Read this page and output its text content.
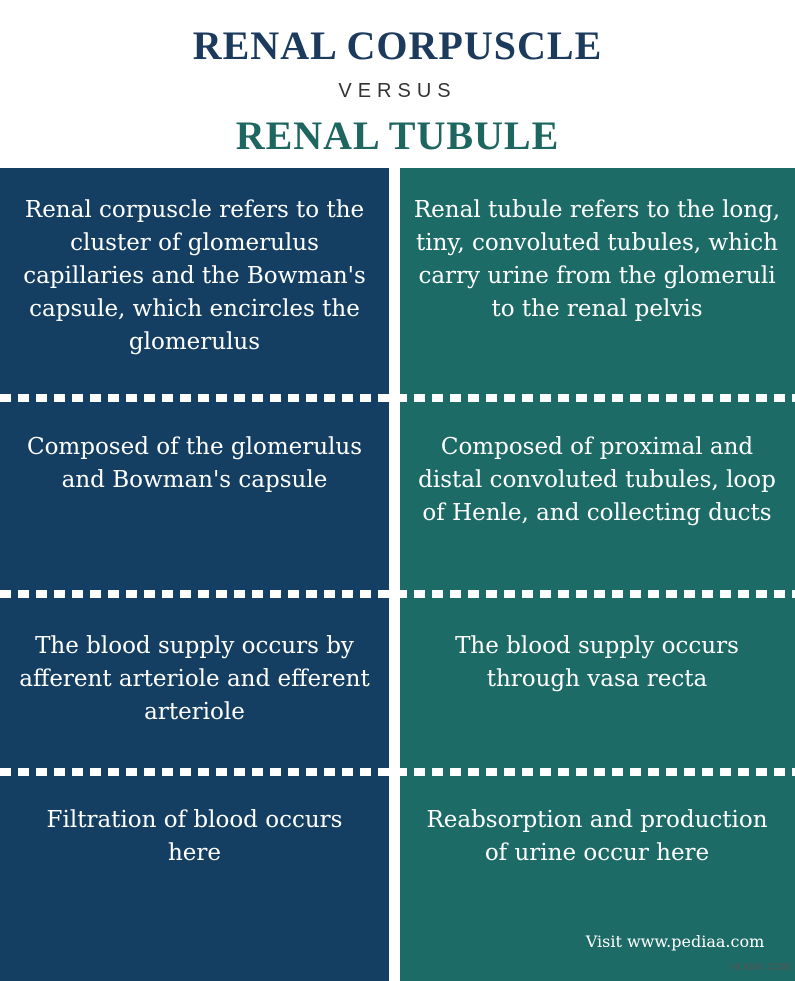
RENAL CORPUSCLE
VERSUS
RENAL TUBULE
Renal corpuscle refers to the cluster of glomerulus capillaries and the Bowman's capsule, which encircles the glomerulus
Renal tubule refers to the long, tiny, convoluted tubules, which carry urine from the glomeruli to the renal pelvis
Composed of the glomerulus and Bowman's capsule
Composed of proximal and distal convoluted tubules, loop of Henle, and collecting ducts
The blood supply occurs by afferent arteriole and efferent arteriole
The blood supply occurs through vasa recta
Filtration of blood occurs here
Reabsorption and production of urine occur here
Visit www.pediaa.com
HLKMX.COM
